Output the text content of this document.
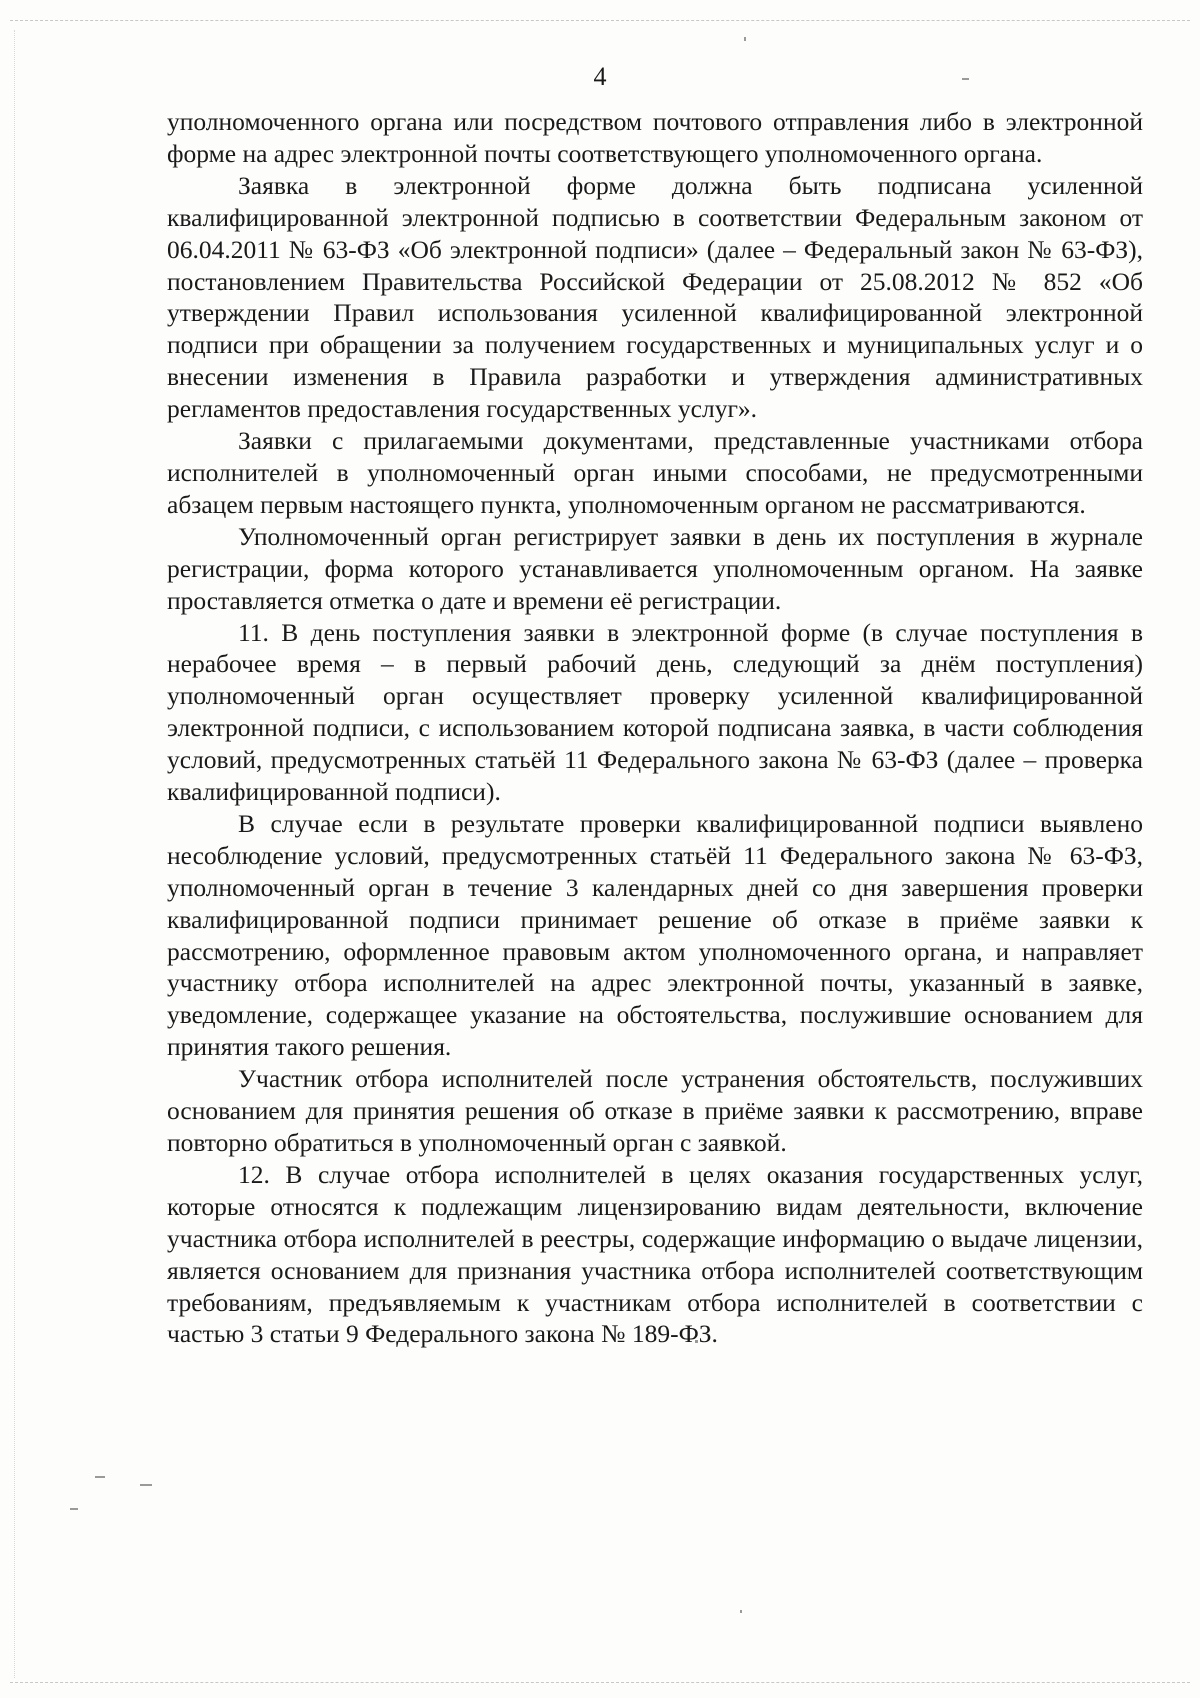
4

уполномоченного органа или посредством почтового отправления либо в электронной форме на адрес электронной почты соответствующего уполномоченного органа.

Заявка в электронной форме должна быть подписана усиленной квалифицированной электронной подписью в соответствии Федеральным законом от 06.04.2011 № 63-ФЗ «Об электронной подписи» (далее – Федеральный закон № 63-ФЗ), постановлением Правительства Российской Федерации от 25.08.2012 № 852 «Об утверждении Правил использования усиленной квалифицированной электронной подписи при обращении за получением государственных и муниципальных услуг и о внесении изменения в Правила разработки и утверждения административных регламентов предоставления государственных услуг».

Заявки с прилагаемыми документами, представленные участниками отбора исполнителей в уполномоченный орган иными способами, не предусмотренными абзацем первым настоящего пункта, уполномоченным органом не рассматриваются.

Уполномоченный орган регистрирует заявки в день их поступления в журнале регистрации, форма которого устанавливается уполномоченным органом. На заявке проставляется отметка о дате и времени её регистрации.

11. В день поступления заявки в электронной форме (в случае поступления в нерабочее время – в первый рабочий день, следующий за днём поступления) уполномоченный орган осуществляет проверку усиленной квалифицированной электронной подписи, с использованием которой подписана заявка, в части соблюдения условий, предусмотренных статьёй 11 Федерального закона № 63-ФЗ (далее – проверка квалифицированной подписи).

В случае если в результате проверки квалифицированной подписи выявлено несоблюдение условий, предусмотренных статьёй 11 Федерального закона № 63-ФЗ, уполномоченный орган в течение 3 календарных дней со дня завершения проверки квалифицированной подписи принимает решение об отказе в приёме заявки к рассмотрению, оформленное правовым актом уполномоченного органа, и направляет участнику отбора исполнителей на адрес электронной почты, указанный в заявке, уведомление, содержащее указание на обстоятельства, послужившие основанием для принятия такого решения.

Участник отбора исполнителей после устранения обстоятельств, послуживших основанием для принятия решения об отказе в приёме заявки к рассмотрению, вправе повторно обратиться в уполномоченный орган с заявкой.

12. В случае отбора исполнителей в целях оказания государственных услуг, которые относятся к подлежащим лицензированию видам деятельности, включение участника отбора исполнителей в реестры, содержащие информацию о выдаче лицензии, является основанием для признания участника отбора исполнителей соответствующим требованиям, предъявляемым к участникам отбора исполнителей в соответствии с частью 3 статьи 9 Федерального закона № 189-ФЗ.
